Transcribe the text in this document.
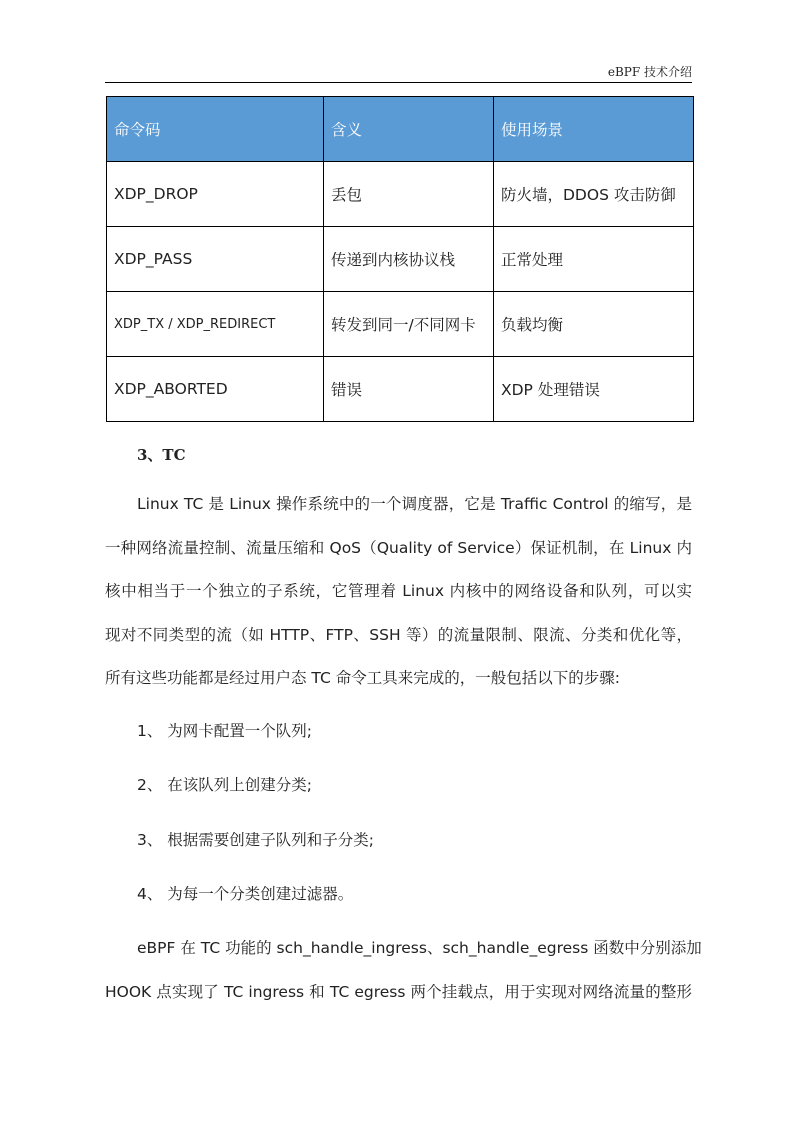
eBPF 技术介绍
命令码	含义	使用场景
XDP_DROP	丢包	防火墙，DDOS 攻击防御
XDP_PASS	传递到内核协议栈	正常处理
XDP_TX / XDP_REDIRECT	转发到同一/不同网卡	负载均衡
XDP_ABORTED	错误	XDP 处理错误
3、TC
Linux TC 是 Linux 操作系统中的一个调度器，它是 Traffic Control 的缩写，是
一种网络流量控制、流量压缩和 QoS（Quality of Service）保证机制，在 Linux 内
核中相当于一个独立的子系统，它管理着 Linux 内核中的网络设备和队列，可以实
现对不同类型的流（如 HTTP、FTP、SSH 等）的流量限制、限流、分类和优化等，
所有这些功能都是经过用户态 TC 命令工具来完成的，一般包括以下的步骤:
1、 为网卡配置一个队列;
2、 在该队列上创建分类;
3、 根据需要创建子队列和子分类;
4、 为每一个分类创建过滤器。
eBPF 在 TC 功能的 sch_handle_ingress、sch_handle_egress 函数中分别添加
HOOK 点实现了 TC ingress 和 TC egress 两个挂载点，用于实现对网络流量的整形
